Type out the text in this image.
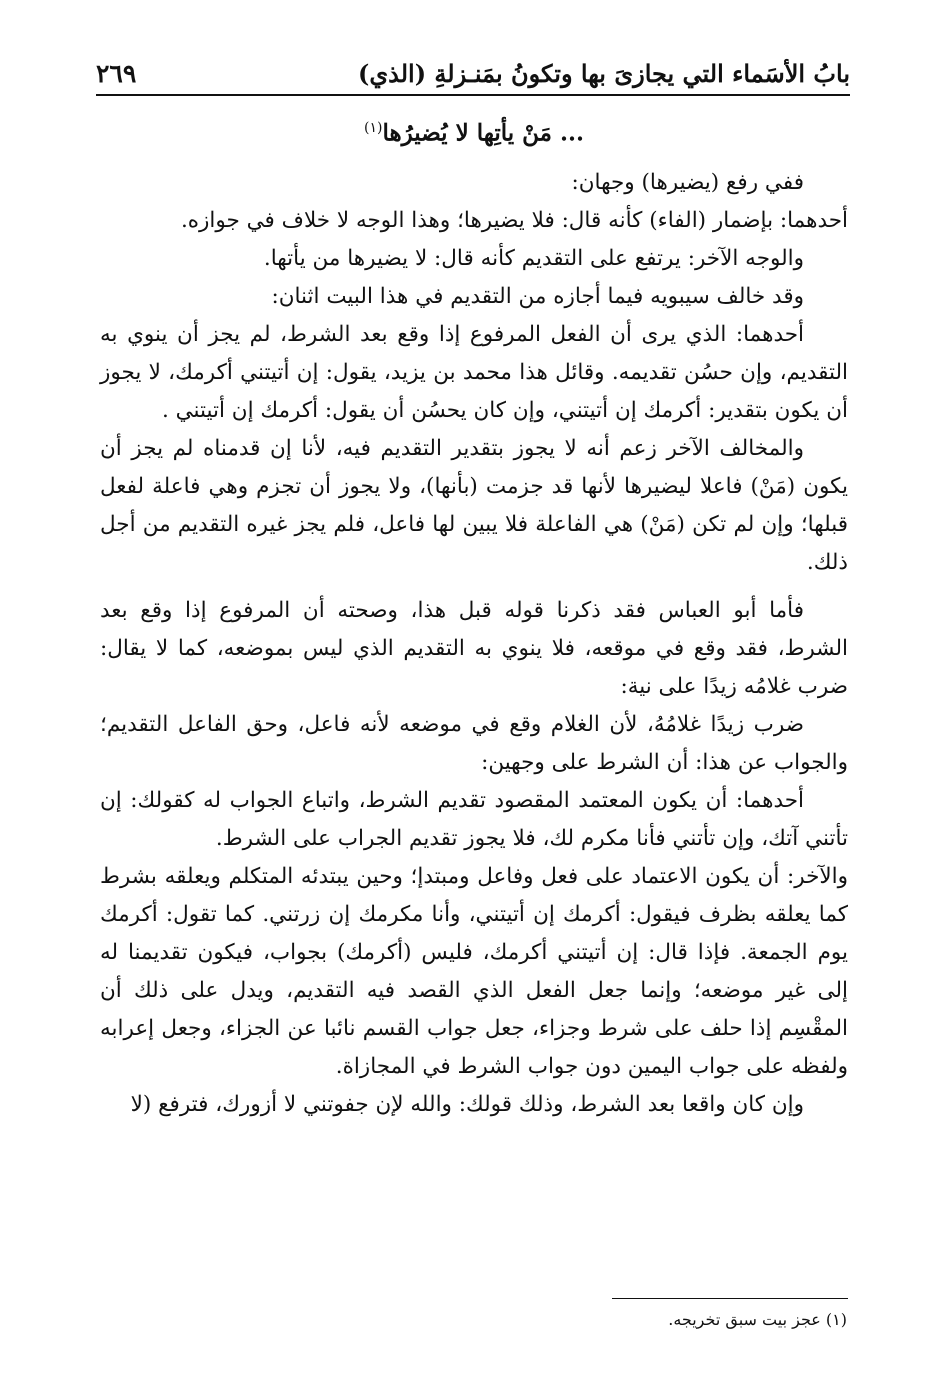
بابُ الأسَماء التي يجازىَ بها وتكونُ بمَنـزلةِ (الذي)
٢٦٩

... مَنْ يأتِها لا يُضيرُها$^{(١)}$

ففي رفع (يضيرها) وجهان:

أحدهما: بإضمار (الفاء) كأنه قال: فلا يضيرها؛ وهذا الوجه لا خلاف في جوازه.

والوجه الآخر: يرتفع على التقديم كأنه قال: لا يضيرها من يأتها.

وقد خالف سيبويه فيما أجازه من التقديم في هذا البيت اثنان:

أحدهما: الذي يرى أن الفعل المرفوع إذا وقع بعد الشرط، لم يجز أن ينوي به التقديم، وإن حسُن تقديمه. وقائل هذا محمد بن يزيد، يقول: إن أتيتني أكرمك، لا يجوز أن يكون بتقدير: أكرمك إن أتيتني، وإن كان يحسُن أن يقول: أكرمك إن أتيتني .

والمخالف الآخر زعم أنه لا يجوز بتقدير التقديم فيه، لأنا إن قدمناه لم يجز أن يكون (مَنْ) فاعلا ليضيرها لأنها قد جزمت (بأنها)، ولا يجوز أن تجزم وهي فاعلة لفعل قبلها؛ وإن لم تكن (مَنْ) هي الفاعلة فلا يبين لها فاعل، فلم يجز غيره التقديم من أجل ذلك.

فأما أبو العباس فقد ذكرنا قوله قبل هذا، وصحته أن المرفوع إذا وقع بعد الشرط، فقد وقع في موقعه، فلا ينوي به التقديم الذي ليس بموضعه، كما لا يقال: ضرب غلامُه زيدًا على نية:

ضرب زيدًا غلامُهُ، لأن الغلام وقع في موضعه لأنه فاعل، وحق الفاعل التقديم؛ والجواب عن هذا: أن الشرط على وجهين:

أحدهما: أن يكون المعتمد المقصود تقديم الشرط، واتباع الجواب له كقولك: إن تأتني آتك، وإن تأتني فأنا مكرم لك، فلا يجوز تقديم الجراب على الشرط.

والآخر: أن يكون الاعتماد على فعل وفاعل ومبتدإ؛ وحين يبتدئه المتكلم ويعلقه بشرط كما يعلقه بظرف فيقول: أكرمك إن أتيتني، وأنا مكرمك إن زرتني. كما تقول: أكرمك يوم الجمعة. فإذا قال: إن أتيتني أكرمك، فليس (أكرمك) بجواب، فيكون تقديمنا له إلى غير موضعه؛ وإنما جعل الفعل الذي القصد فيه التقديم، ويدل على ذلك أن المقْسِم إذا حلف على شرط وجزاء، جعل جواب القسم نائبا عن الجزاء، وجعل إعرابه ولفظه على جواب اليمين دون جواب الشرط في المجازاة.

وإن كان واقعا بعد الشرط، وذلك قولك: والله لإن جفوتني لا أزورك، فترفع (لا

(١) عجز بيت سبق تخريجه.
